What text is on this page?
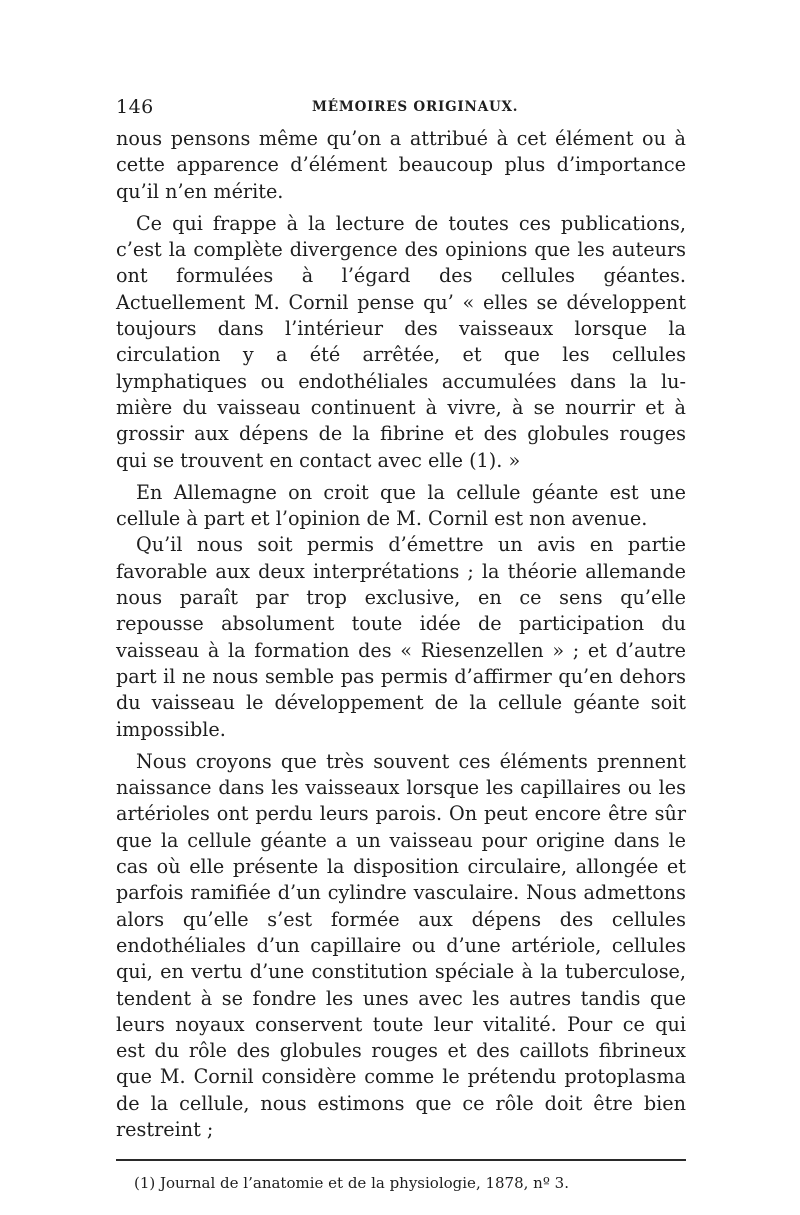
146	MÉMOIRES ORIGINAUX.

nous pensons même qu’on a attribué à cet élément ou à cette apparence d’élément beaucoup plus d’importance qu’il n’en mérite.

Ce qui frappe à la lecture de toutes ces publications, c’est la complète divergence des opinions que les auteurs ont formulées à l’égard des cellules géantes. Actuellement M. Cornil pense qu’ « elles se développent toujours dans l’intérieur des vaisseaux lorsque la circulation y a été arrêtée, et que les cellules lymphatiques ou endothéliales accumulées dans la lumière du vaisseau continuent à vivre, à se nourrir et à grossir aux dépens de la fibrine et des globules rouges qui se trouvent en contact avec elle (1). »

En Allemagne on croit que la cellule géante est une cellule à part et l’opinion de M. Cornil est non avenue.

Qu’il nous soit permis d’émettre un avis en partie favorable aux deux interprétations ; la théorie allemande nous paraît par trop exclusive, en ce sens qu’elle repousse absolument toute idée de participation du vaisseau à la formation des « Riesenzellen » ; et d’autre part il ne nous semble pas permis d’affirmer qu’en dehors du vaisseau le développement de la cellule géante soit impossible.

Nous croyons que très souvent ces éléments prennent naissance dans les vaisseaux lorsque les capillaires ou les artérioles ont perdu leurs parois. On peut encore être sûr que la cellule géante a un vaisseau pour origine dans le cas où elle présente la disposition circulaire, allongée et parfois ramifiée d’un cylindre vasculaire. Nous admettons alors qu’elle s’est formée aux dépens des cellules endothéliales d’un capillaire ou d’une artériole, cellules qui, en vertu d’une constitution spéciale à la tuberculose, tendent à se fondre les unes avec les autres tandis que leurs noyaux conservent toute leur vitalité. Pour ce qui est du rôle des globules rouges et des caillots fibrineux que M. Cornil considère comme le prétendu protoplasma de la cellule, nous estimons que ce rôle doit être bien restreint ;

(1) Journal de l’anatomie et de la physiologie, 1878, nº 3.
